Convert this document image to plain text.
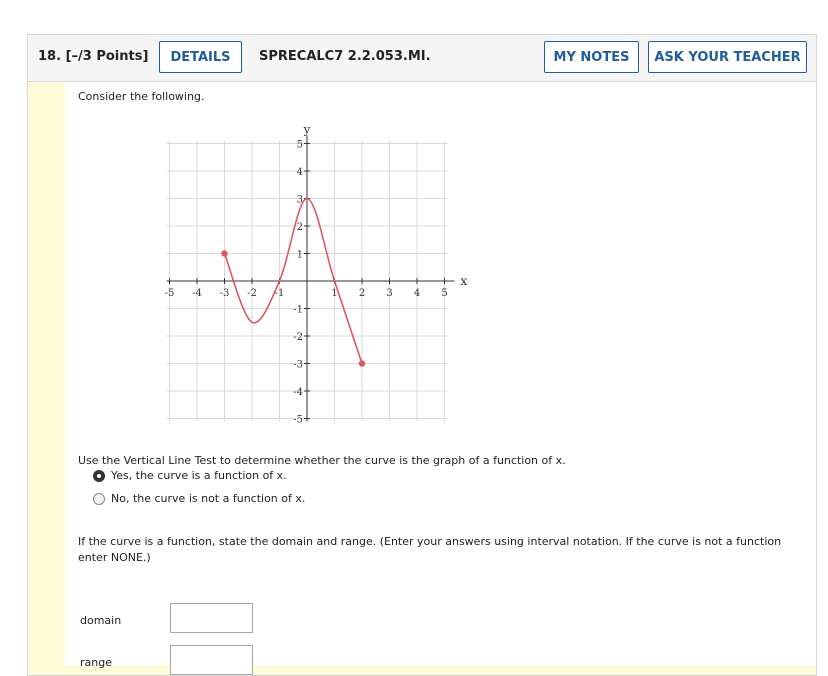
18. [–/3 Points]	DETAILS	SPRECALC7 2.2.053.MI.	MY NOTES	ASK YOUR TEACHER
Consider the following.
-5 -4 -3 -2 -1	1 2 3 4 5
5
4
3
2
1
-1
-2
-3
-4
-5
x
y
Use the Vertical Line Test to determine whether the curve is the graph of a function of x.
Yes, the curve is a function of x.
No, the curve is not a function of x.
If the curve is a function, state the domain and range. (Enter your answers using interval notation. If the curve is not a function enter NONE.)
domain
range
